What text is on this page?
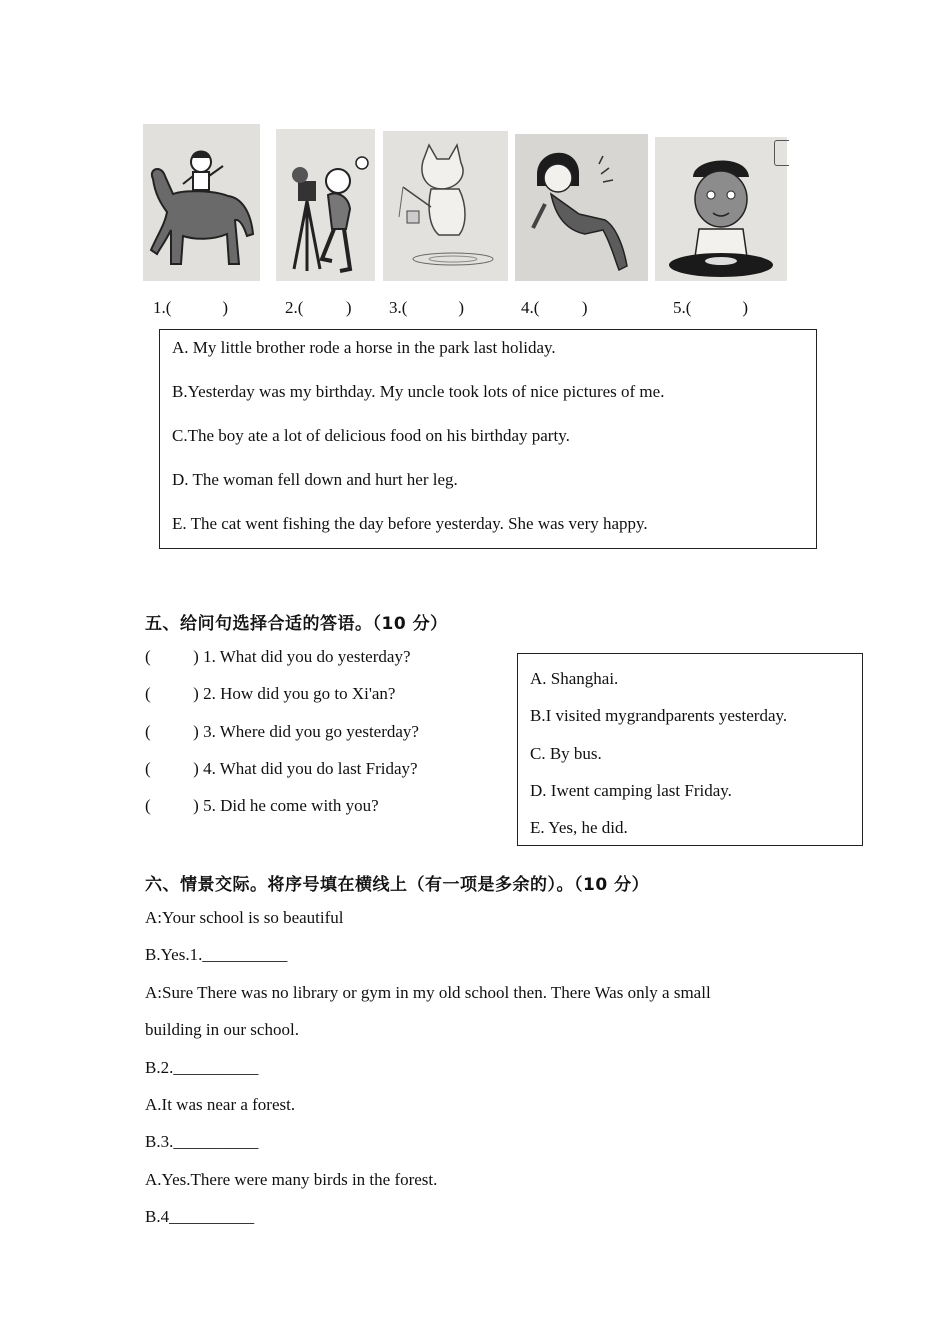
1.(            )	2.(          ) 3.(            )	4.(          )	5.(            )
A. My little brother rode a horse in the park last holiday.
B.Yesterday was my birthday. My uncle took lots of nice pictures of me.
C.The boy ate a lot of delicious food on his birthday party.
D. The woman fell down and hurt her leg.
E. The cat went fishing the day before yesterday. She was very happy.
五、给问句选择合适的答语。（10 分）
(          ) 1. What did you do yesterday?
(          ) 2. How did you go to Xi'an?
(          ) 3. Where did you go yesterday?
(          ) 4. What did you do last Friday?
(          ) 5. Did he come with you?
A. Shanghai.
B.I visited mygrandparents yesterday.
C. By bus.
D. Iwent camping last Friday.
E. Yes, he did.
六、情景交际。将序号填在横线上（有一项是多余的）。（10 分）
A:Your school is so beautiful
B.Yes.1.__________
A:Sure There was no library or gym in my old school then. There Was only a small
building in our school.
B.2.__________
A.It was near a forest.
B.3.__________
A.Yes.There were many birds in the forest.
B.4__________
